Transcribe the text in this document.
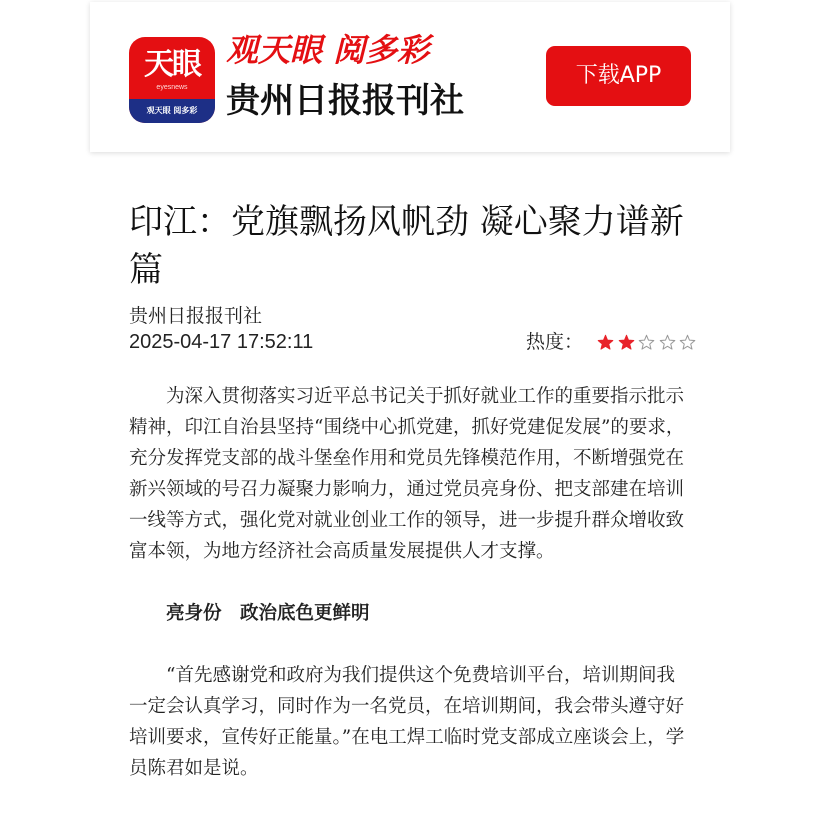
天眼
eyesnews
观天眼 阅多彩
观天眼 阅多彩
贵州日报报刊社
下载APP
印江：党旗飘扬风帆劲 凝心聚力谱新篇
贵州日报报刊社
2025-04-17 17:52:11	热度：

为深入贯彻落实习近平总书记关于抓好就业工作的重要指示批示精神，印江自治县坚持“围绕中心抓党建，抓好党建促发展”的要求，充分发挥党支部的战斗堡垒作用和党员先锋模范作用，不断增强党在新兴领域的号召力凝聚力影响力，通过党员亮身份、把支部建在培训一线等方式，强化党对就业创业工作的领导，进一步提升群众增收致富本领，为地方经济社会高质量发展提供人才支撑。

亮身份　政治底色更鲜明

“首先感谢党和政府为我们提供这个免费培训平台，培训期间我一定会认真学习，同时作为一名党员，在培训期间，我会带头遵守好培训要求，宣传好正能量。”在电工焊工临时党支部成立座谈会上，学员陈君如是说。
